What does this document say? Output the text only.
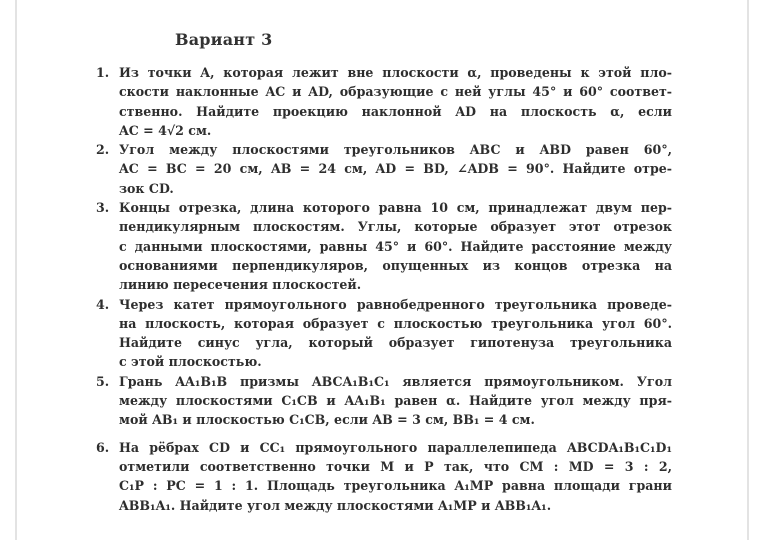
Вариант 3
1. Из точки A, которая лежит вне плоскости α, проведены к этой пло-
скости наклонные AC и AD, образующие с ней углы 45° и 60° соответ-
ственно. Найдите проекцию наклонной AD на плоскость α, если
AC = 4√2 см.
2. Угол между плоскостями треугольников ABC и ABD равен 60°,
AC = BC = 20 см, AB = 24 см, AD = BD, ∠ADB = 90°. Найдите отре-
зок CD.
3. Концы отрезка, длина которого равна 10 см, принадлежат двум пер-
пендикулярным плоскостям. Углы, которые образует этот отрезок
с данными плоскостями, равны 45° и 60°. Найдите расстояние между
основаниями перпендикуляров, опущенных из концов отрезка на
линию пересечения плоскостей.
4. Через катет прямоугольного равнобедренного треугольника проведе-
на плоскость, которая образует с плоскостью треугольника угол 60°.
Найдите синус угла, который образует гипотенуза треугольника
с этой плоскостью.
5. Грань AA₁B₁B призмы ABCA₁B₁C₁ является прямоугольником. Угол
между плоскостями C₁CB и AA₁B₁ равен α. Найдите угол между пря-
мой AB₁ и плоскостью C₁CB, если AB = 3 см, BB₁ = 4 см.
6. На рёбрах CD и CC₁ прямоугольного параллелепипеда ABCDA₁B₁C₁D₁
отметили соответственно точки M и P так, что CM : MD = 3 : 2,
C₁P : PC = 1 : 1. Площадь треугольника A₁MP равна площади грани
ABB₁A₁. Найдите угол между плоскостями A₁MP и ABB₁A₁.
